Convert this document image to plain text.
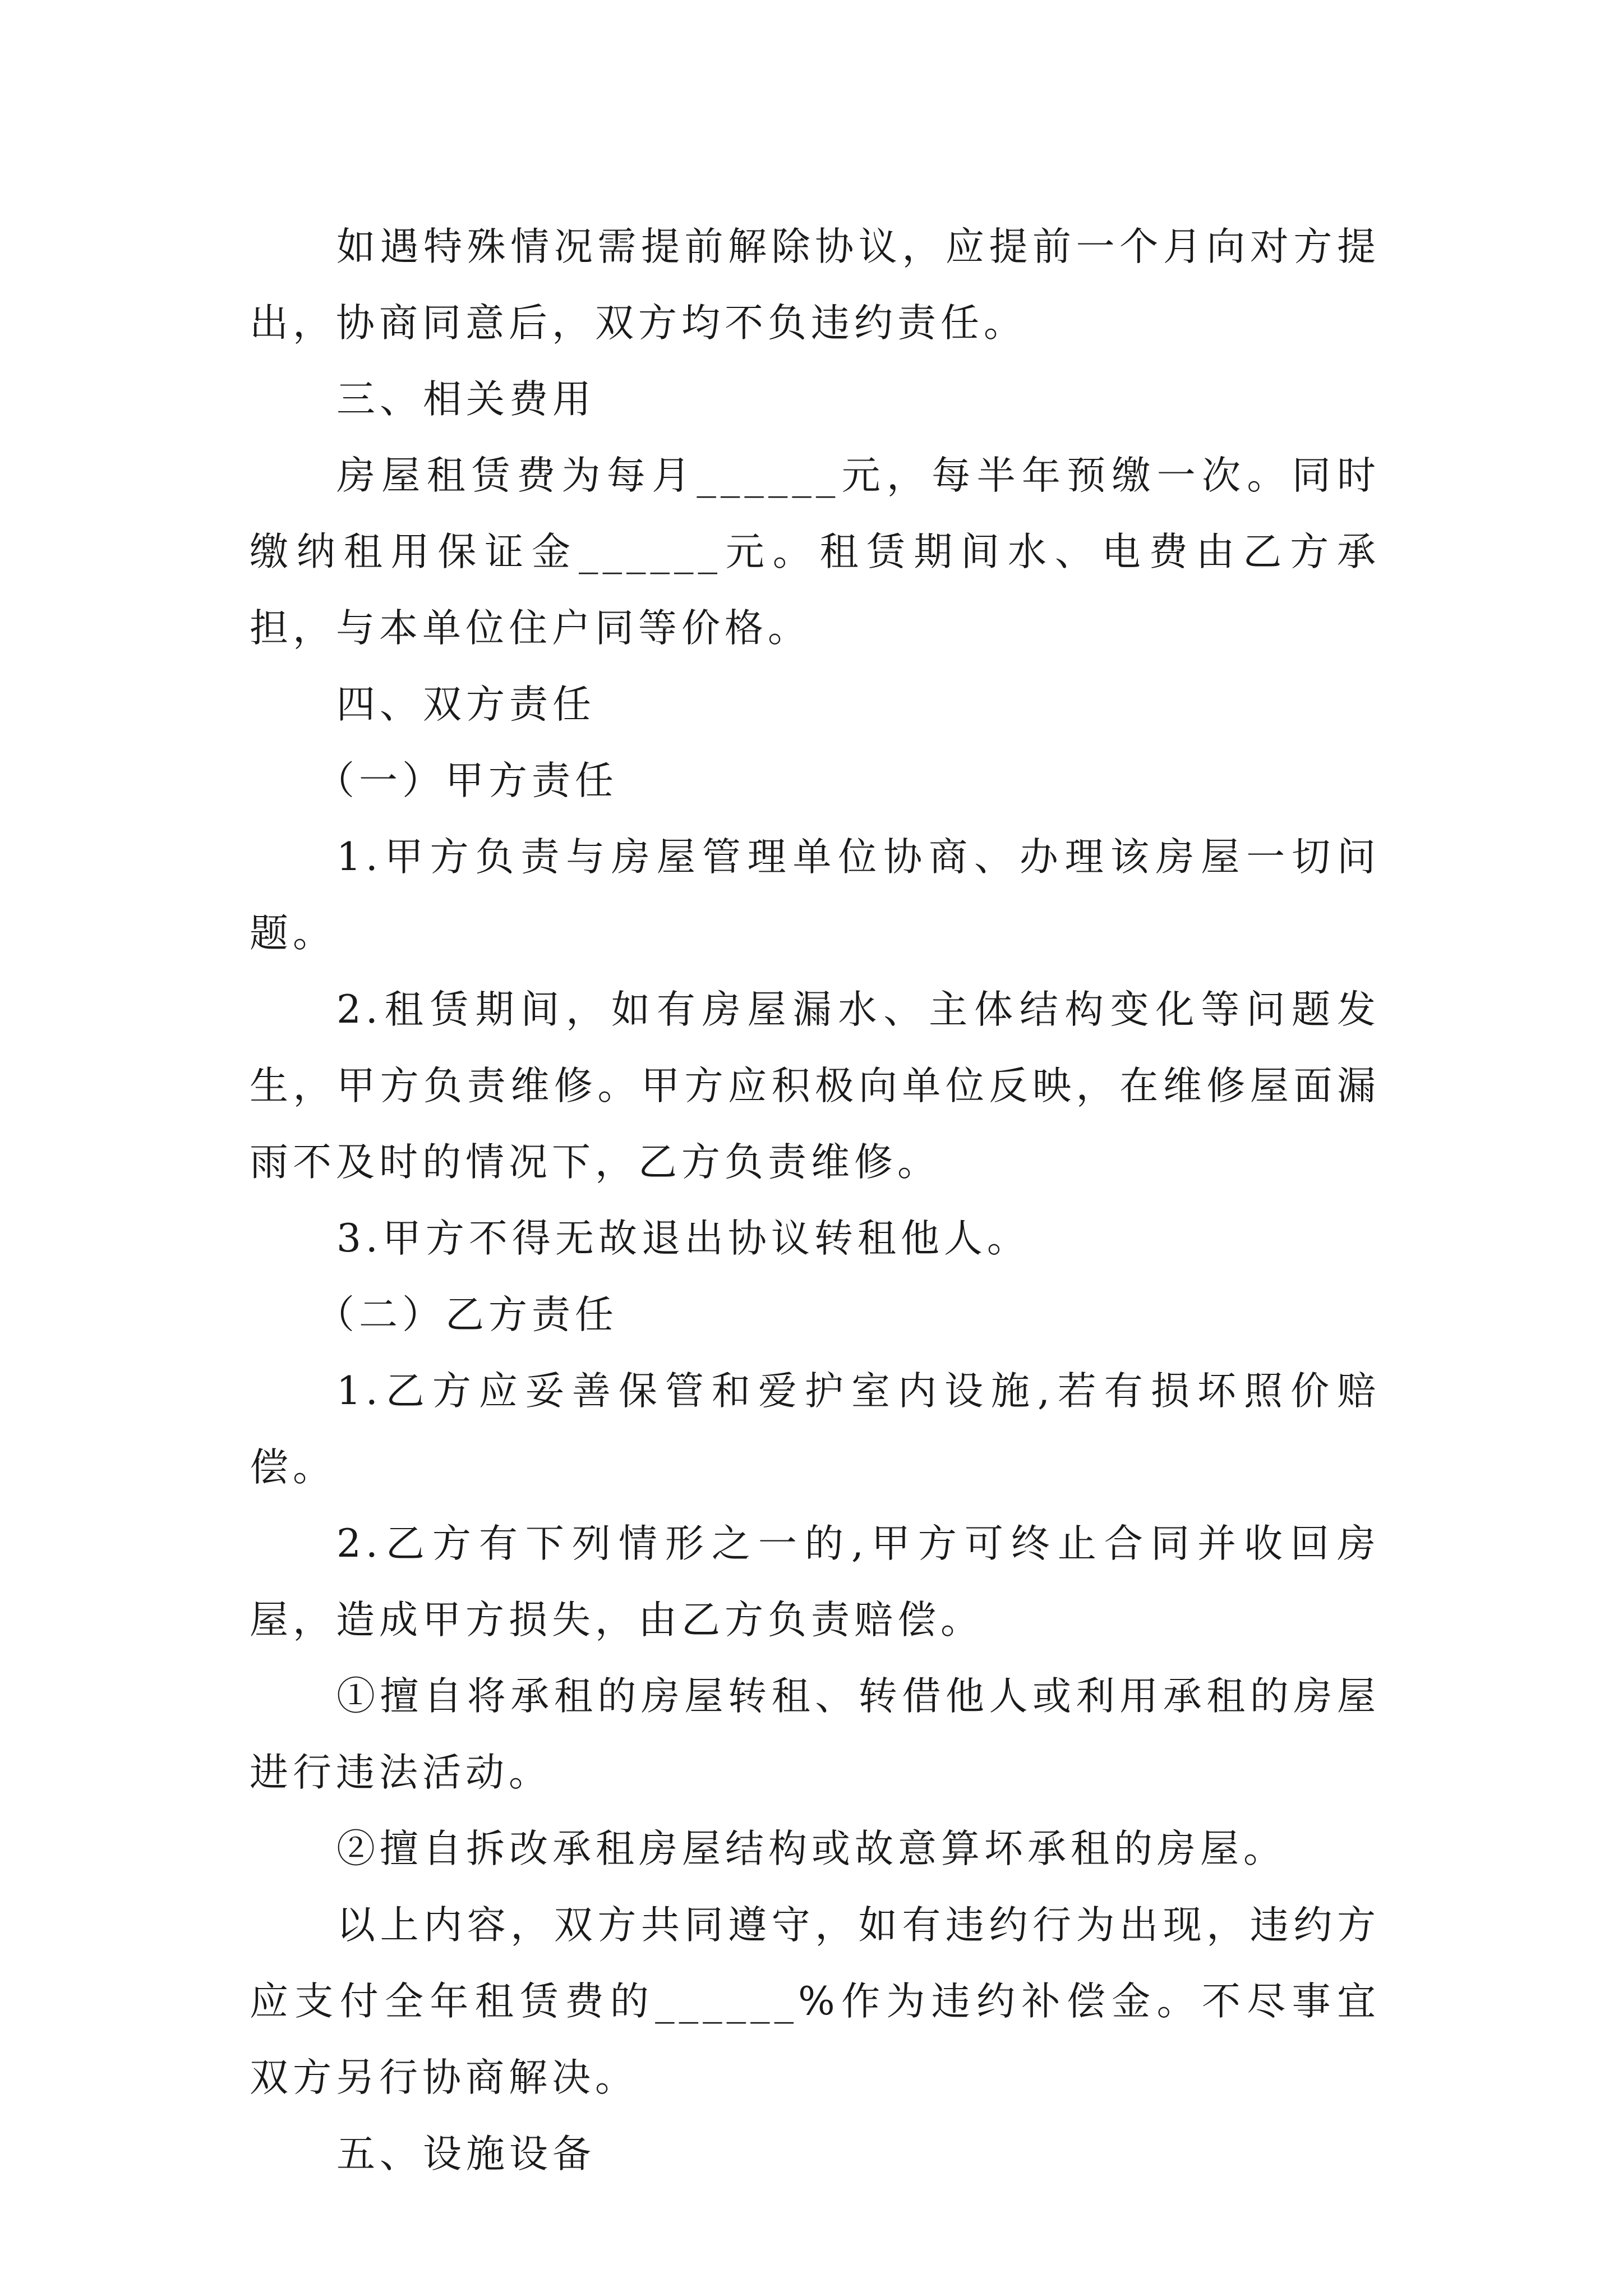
如遇特殊情况需提前解除协议，应提前一个月向对方提出，协商同意后，双方均不负违约责任。

三、相关费用

房屋租赁费为每月______元，每半年预缴一次。同时缴纳租用保证金______元。租赁期间水、电费由乙方承担，与本单位住户同等价格。

四、双方责任

（一）甲方责任

1.甲方负责与房屋管理单位协商、办理该房屋一切问题。

2.租赁期间，如有房屋漏水、主体结构变化等问题发生，甲方负责维修。甲方应积极向单位反映，在维修屋面漏雨不及时的情况下，乙方负责维修。

3.甲方不得无故退出协议转租他人。

（二）乙方责任

1.乙方应妥善保管和爱护室内设施,若有损坏照价赔偿。

2.乙方有下列情形之一的,甲方可终止合同并收回房屋，造成甲方损失，由乙方负责赔偿。

①擅自将承租的房屋转租、转借他人或利用承租的房屋进行违法活动。

②擅自拆改承租房屋结构或故意算坏承租的房屋。

以上内容，双方共同遵守，如有违约行为出现，违约方应支付全年租赁费的______%作为违约补偿金。不尽事宜双方另行协商解决。

五、设施设备
